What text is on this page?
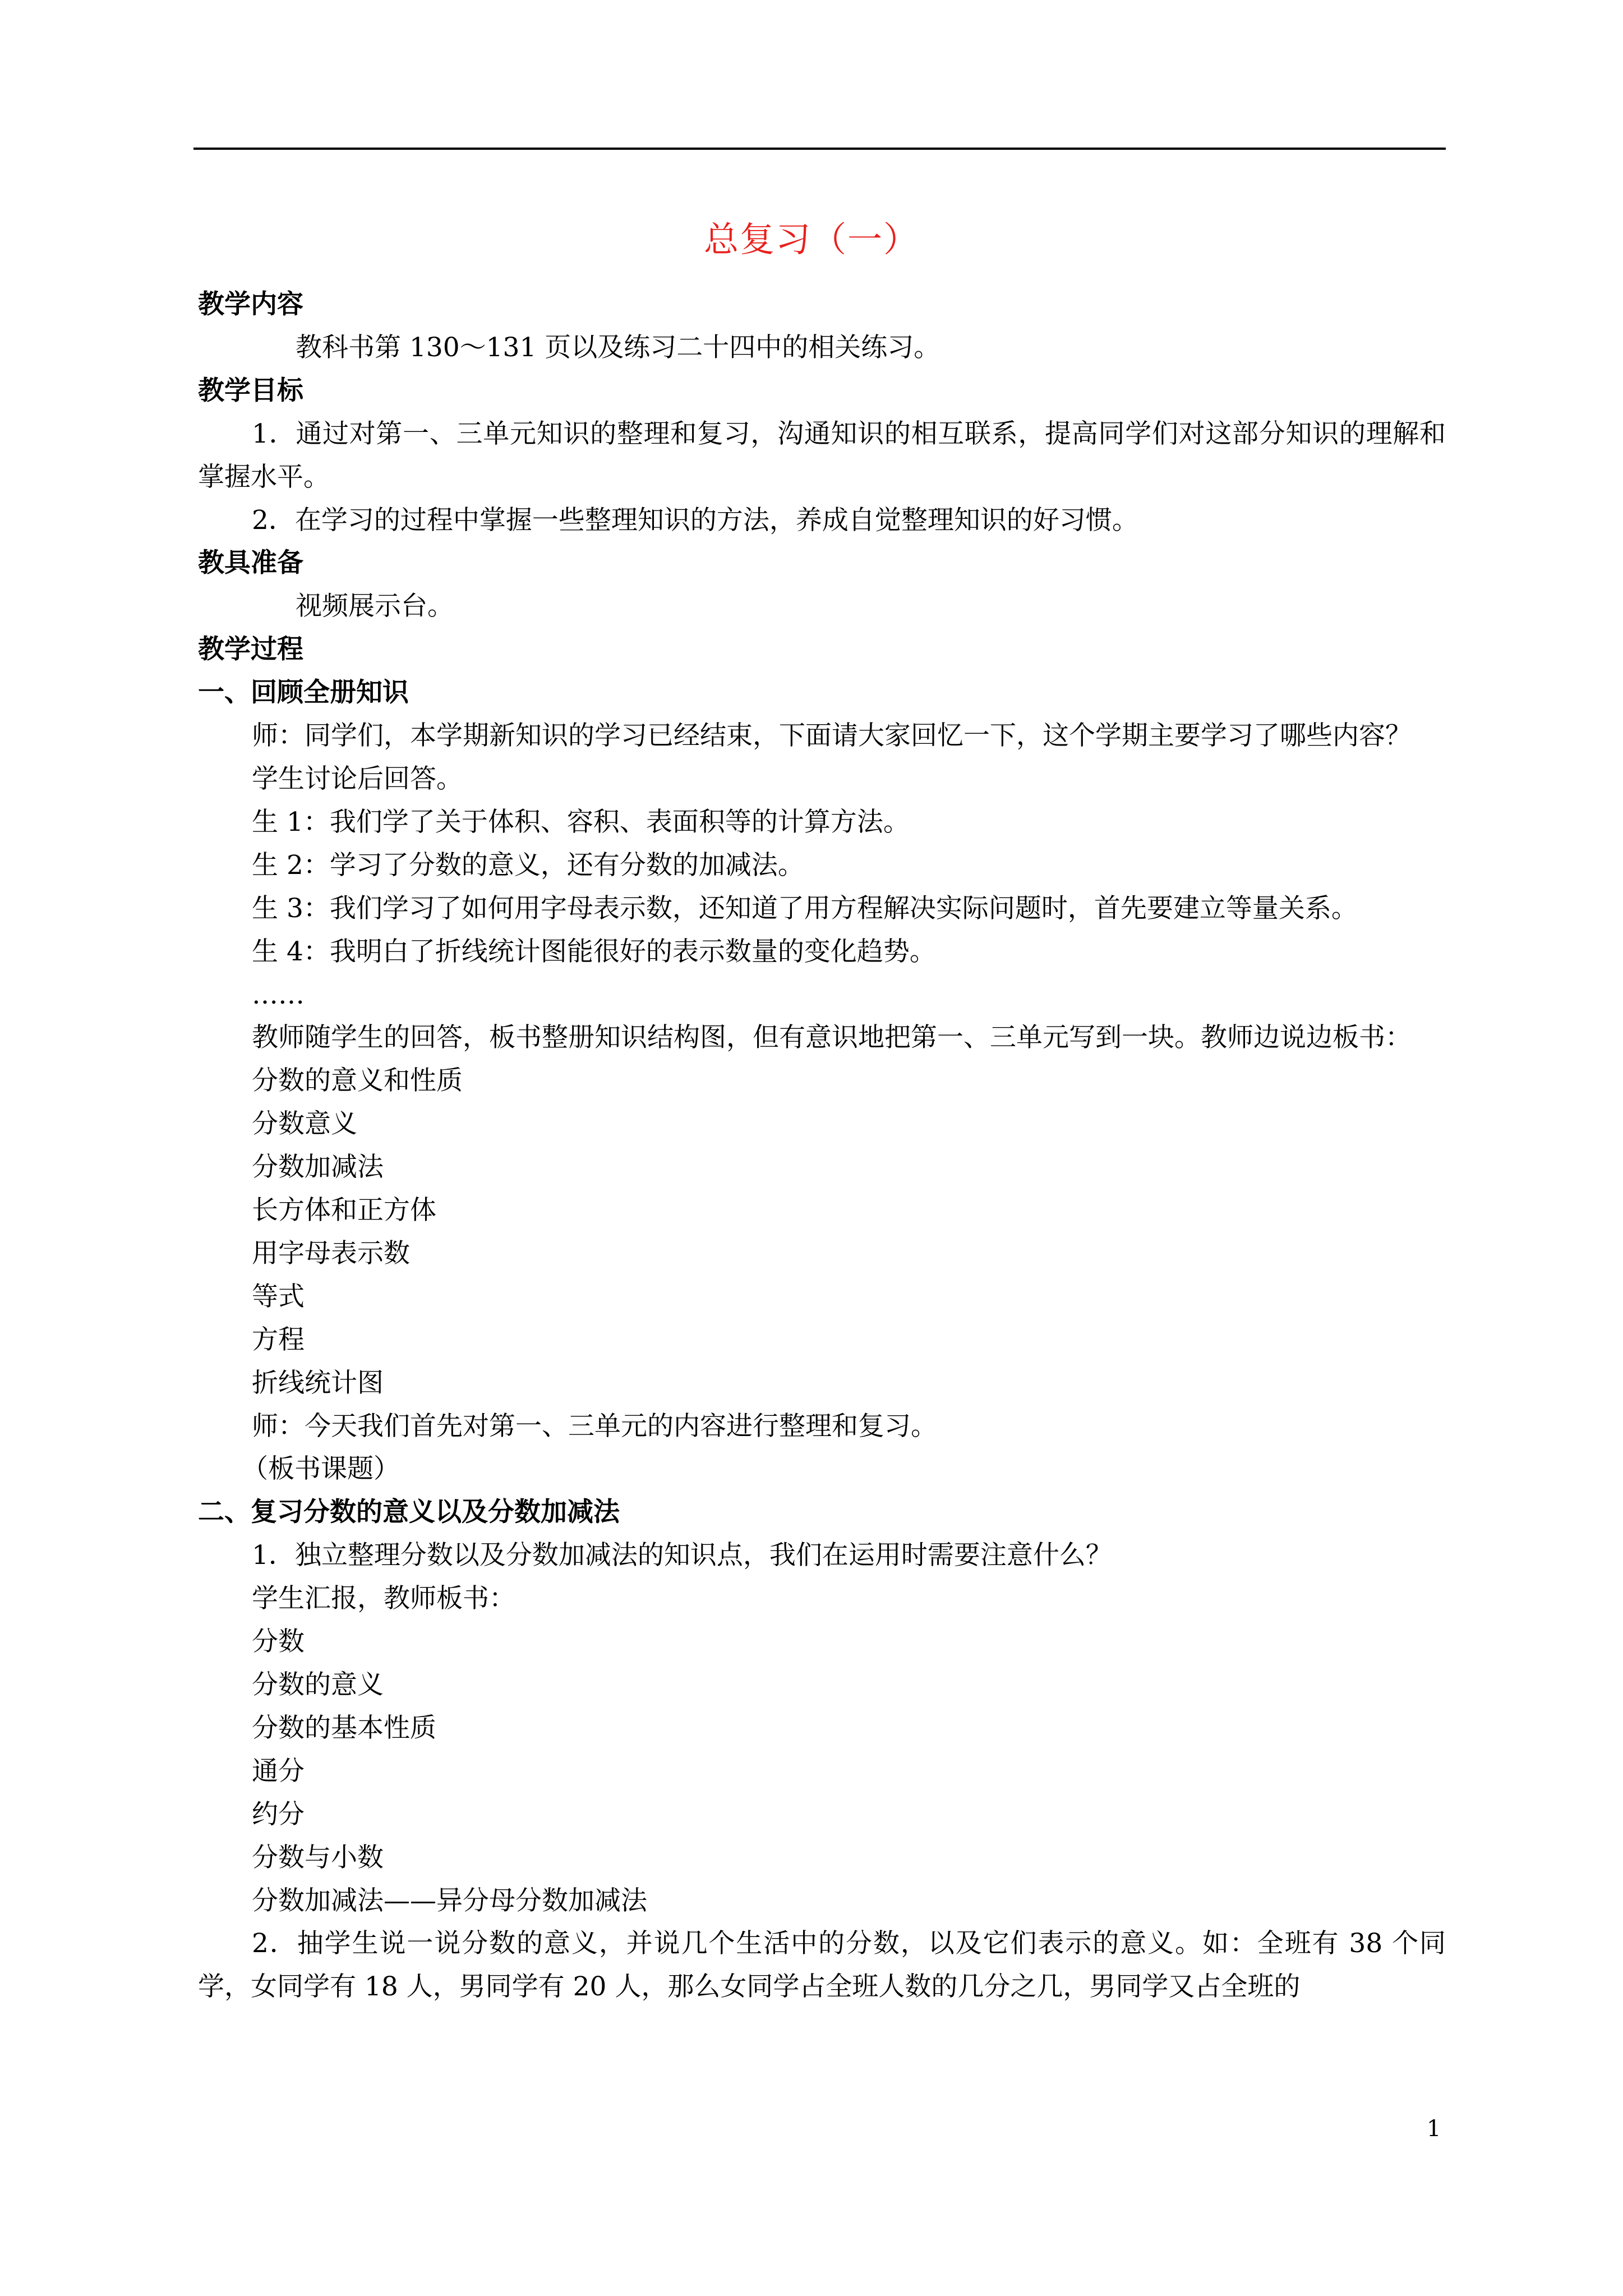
总复习（一）

教学内容

教科书第 130～131 页以及练习二十四中的相关练习。

教学目标

1．通过对第一、三单元知识的整理和复习，沟通知识的相互联系，提高同学们对这部分知识的理解和掌握水平。

2．在学习的过程中掌握一些整理知识的方法，养成自觉整理知识的好习惯。

教具准备

视频展示台。

教学过程

一、回顾全册知识

师：同学们，本学期新知识的学习已经结束，下面请大家回忆一下，这个学期主要学习了哪些内容？

学生讨论后回答。

生 1：我们学了关于体积、容积、表面积等的计算方法。

生 2：学习了分数的意义，还有分数的加减法。

生 3：我们学习了如何用字母表示数，还知道了用方程解决实际问题时，首先要建立等量关系。

生 4：我明白了折线统计图能很好的表示数量的变化趋势。

……

教师随学生的回答，板书整册知识结构图，但有意识地把第一、三单元写到一块。教师边说边板书：

分数的意义和性质

分数意义

分数加减法

长方体和正方体

用字母表示数

等式

方程

折线统计图

师：今天我们首先对第一、三单元的内容进行整理和复习。

（板书课题）

二、复习分数的意义以及分数加减法

1．独立整理分数以及分数加减法的知识点，我们在运用时需要注意什么？

学生汇报，教师板书：

分数

分数的意义

分数的基本性质

通分

约分

分数与小数

分数加减法——异分母分数加减法

2．抽学生说一说分数的意义，并说几个生活中的分数，以及它们表示的意义。如：全班有 38 个同学，女同学有 18 人，男同学有 20 人，那么女同学占全班人数的几分之几，男同学又占全班的

1
